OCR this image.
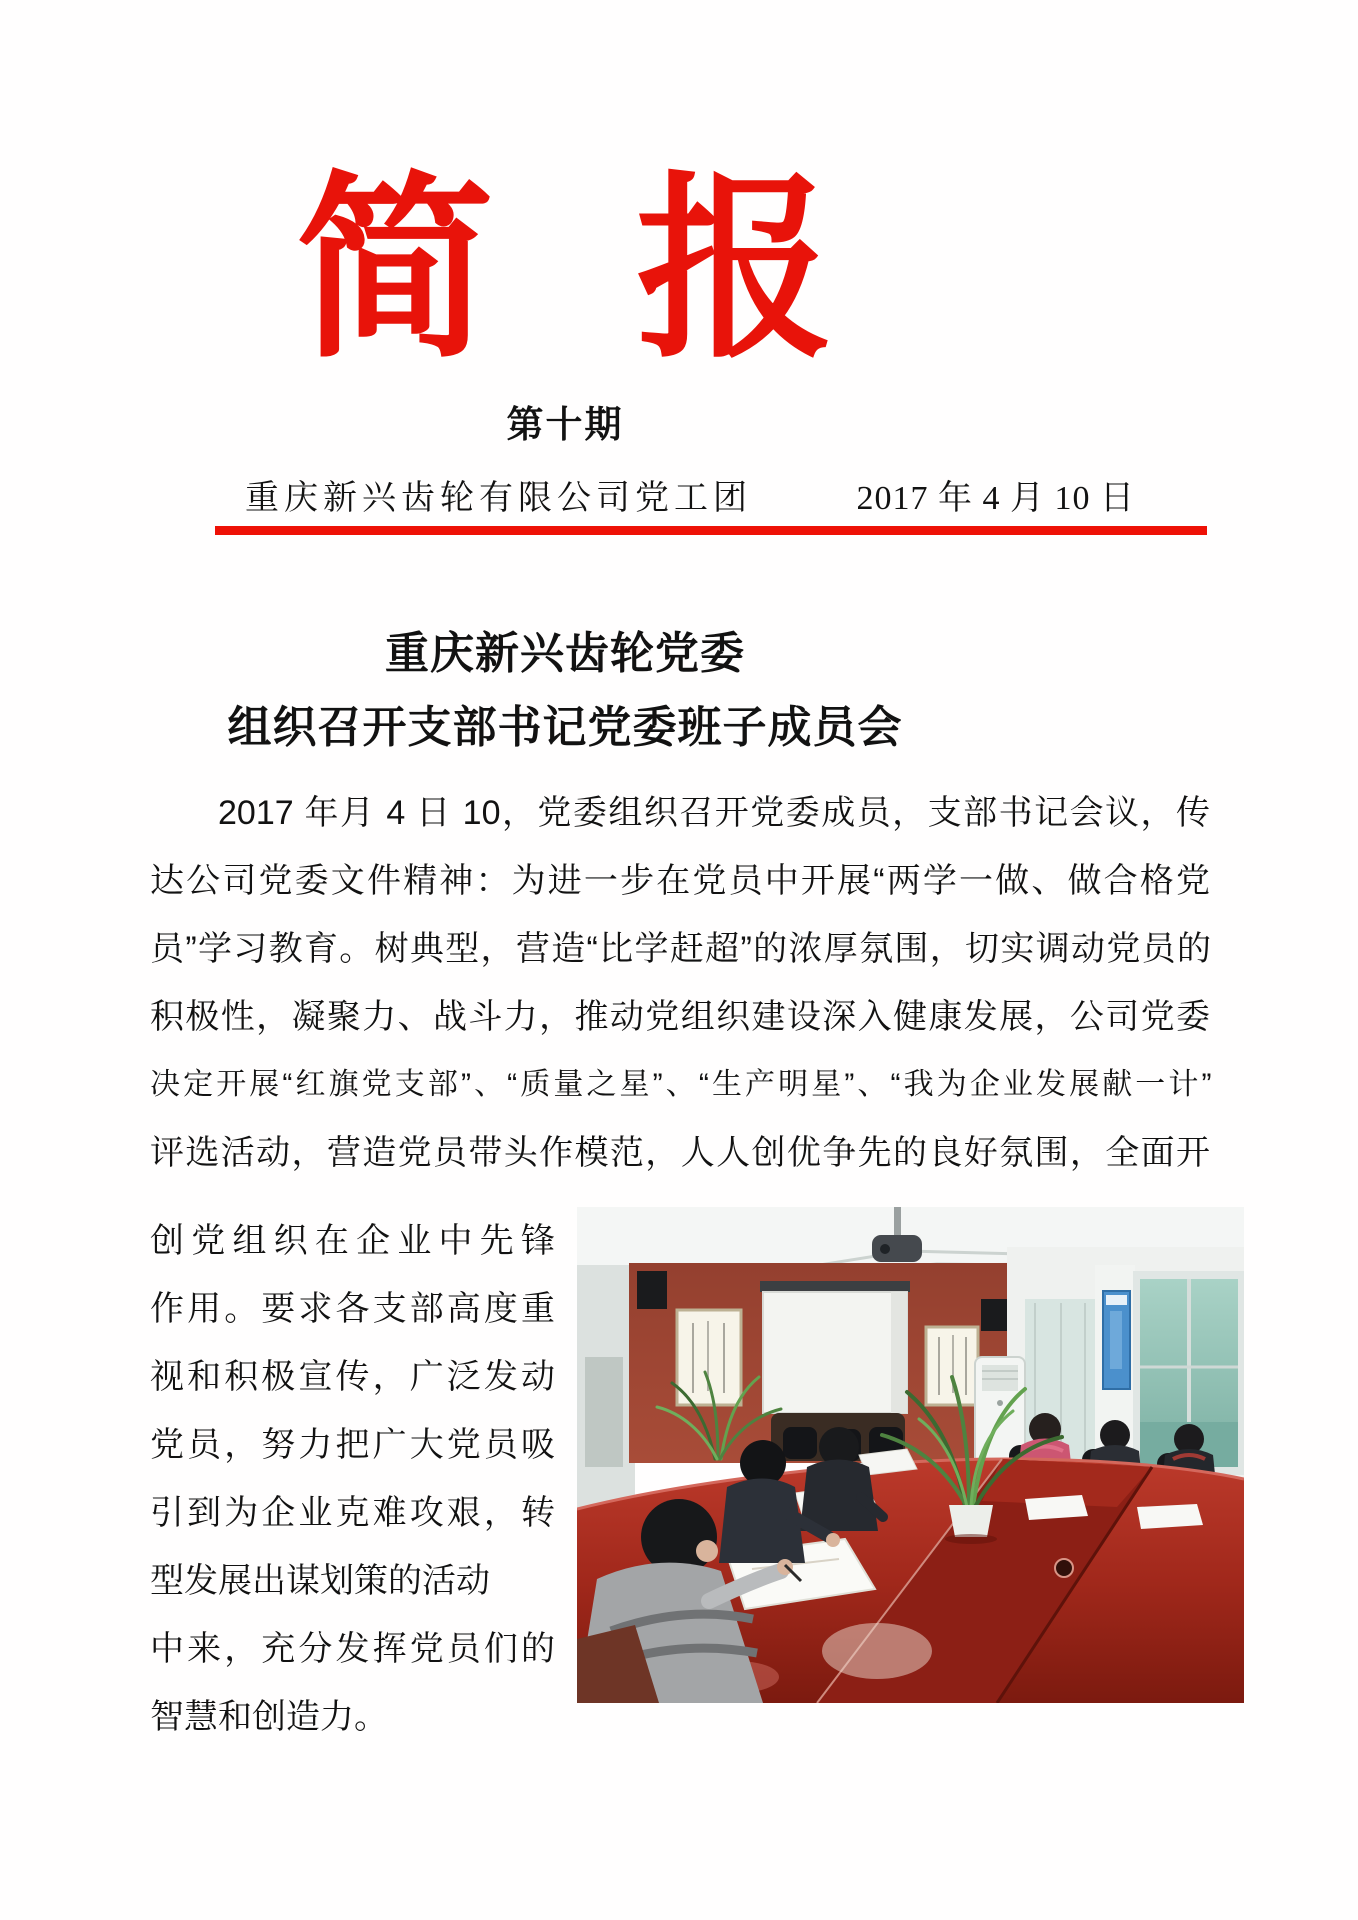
简 报
第十期
重庆新兴齿轮有限公司党工团	2017 年 4 月 10 日
重庆新兴齿轮党委
组织召开支部书记党委班子成员会
2017 年月 4 日 10，党委组织召开党委成员，支部书记会议，传
达公司党委文件精神：为进一步在党员中开展“两学一做、做合格党
员”学习教育。树典型，营造“比学赶超”的浓厚氛围，切实调动党员的
积极性，凝聚力、战斗力，推动党组织建设深入健康发展，公司党委
决定开展“红旗党支部”、“质量之星”、“生产明星”、“我为企业发展献一计”
评选活动，营造党员带头作模范，人人创优争先的良好氛围，全面开
创党组织在企业中先锋
作用。要求各支部高度重
视和积极宣传，广泛发动
党员，努力把广大党员吸
引到为企业克难攻艰，转
型发展出谋划策的活动
中来，充分发挥党员们的
智慧和创造力。
